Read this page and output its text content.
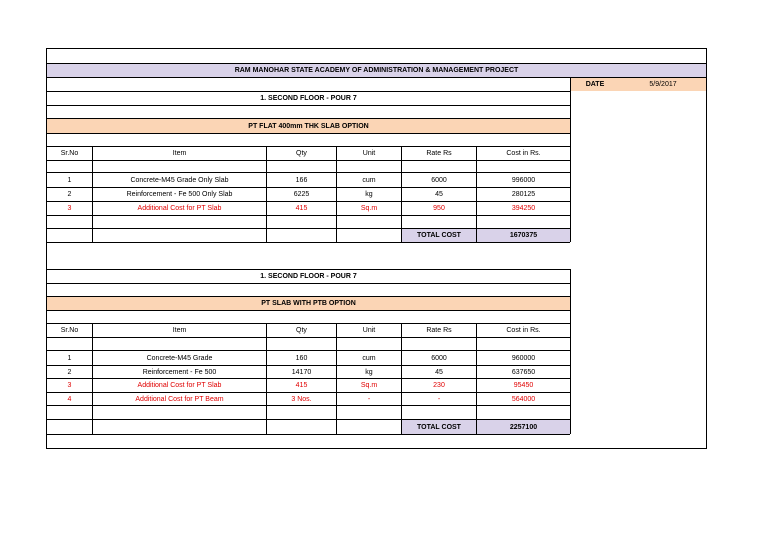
RAM MANOHAR STATE ACADEMY OF ADMINISTRATION & MANAGEMENT PROJECT
DATE	5/9/2017
1. SECOND FLOOR - POUR 7
PT FLAT 400mm THK SLAB OPTION
Sr.No	Item	Qty	Unit	Rate Rs	Cost in Rs.
1	Concrete-M45 Grade Only Slab	166	cum	6000	996000
2	Reinforcement - Fe 500 Only Slab	6225	kg	45	280125
3	Additional Cost for PT Slab	415	Sq.m	950	394250
TOTAL COST	1670375
1. SECOND FLOOR - POUR 7
PT SLAB WITH PTB OPTION
Sr.No	Item	Qty	Unit	Rate Rs	Cost in Rs.
1	Concrete-M45 Grade	160	cum	6000	960000
2	Reinforcement - Fe 500	14170	kg	45	637650
3	Additional Cost for PT Slab	415	Sq.m	230	95450
4	Additional Cost for PT Beam	3 Nos.	-	-	564000
TOTAL COST	2257100
